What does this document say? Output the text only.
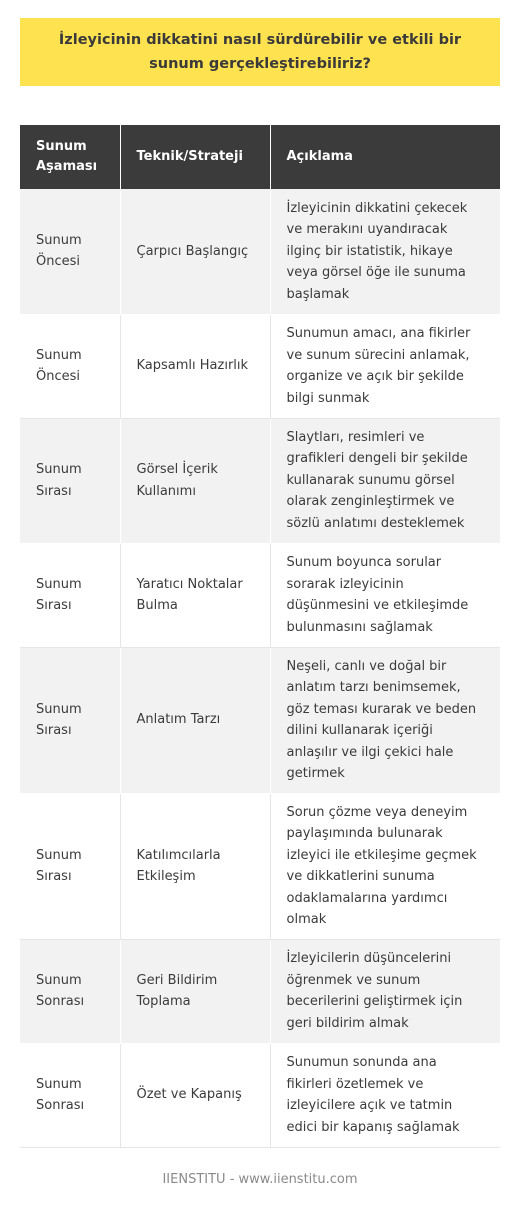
İzleyicinin dikkatini nasıl sürdürebilir ve etkili bir sunum gerçekleştirebiliriz?
Sunum Aşaması	Teknik/Strateji	Açıklama
Sunum Öncesi	Çarpıcı Başlangıç	İzleyicinin dikkatini çekecek ve merakını uyandıracak ilginç bir istatistik, hikaye veya görsel öğe ile sunuma başlamak
Sunum Öncesi	Kapsamlı Hazırlık	Sunumun amacı, ana fikirler ve sunum sürecini anlamak, organize ve açık bir şekilde bilgi sunmak
Sunum Sırası	Görsel İçerik Kullanımı	Slaytları, resimleri ve grafikleri dengeli bir şekilde kullanarak sunumu görsel olarak zenginleştirmek ve sözlü anlatımı desteklemek
Sunum Sırası	Yaratıcı Noktalar Bulma	Sunum boyunca sorular sorarak izleyicinin düşünmesini ve etkileşimde bulunmasını sağlamak
Sunum Sırası	Anlatım Tarzı	Neşeli, canlı ve doğal bir anlatım tarzı benimsemek, göz teması kurarak ve beden dilini kullanarak içeriği anlaşılır ve ilgi çekici hale getirmek
Sunum Sırası	Katılımcılarla Etkileşim	Sorun çözme veya deneyim paylaşımında bulunarak izleyici ile etkileşime geçmek ve dikkatlerini sunuma odaklamalarına yardımcı olmak
Sunum Sonrası	Geri Bildirim Toplama	İzleyicilerin düşüncelerini öğrenmek ve sunum becerilerini geliştirmek için geri bildirim almak
Sunum Sonrası	Özet ve Kapanış	Sunumun sonunda ana fikirleri özetlemek ve izleyicilere açık ve tatmin edici bir kapanış sağlamak
IIENSTITU - www.iienstitu.com
